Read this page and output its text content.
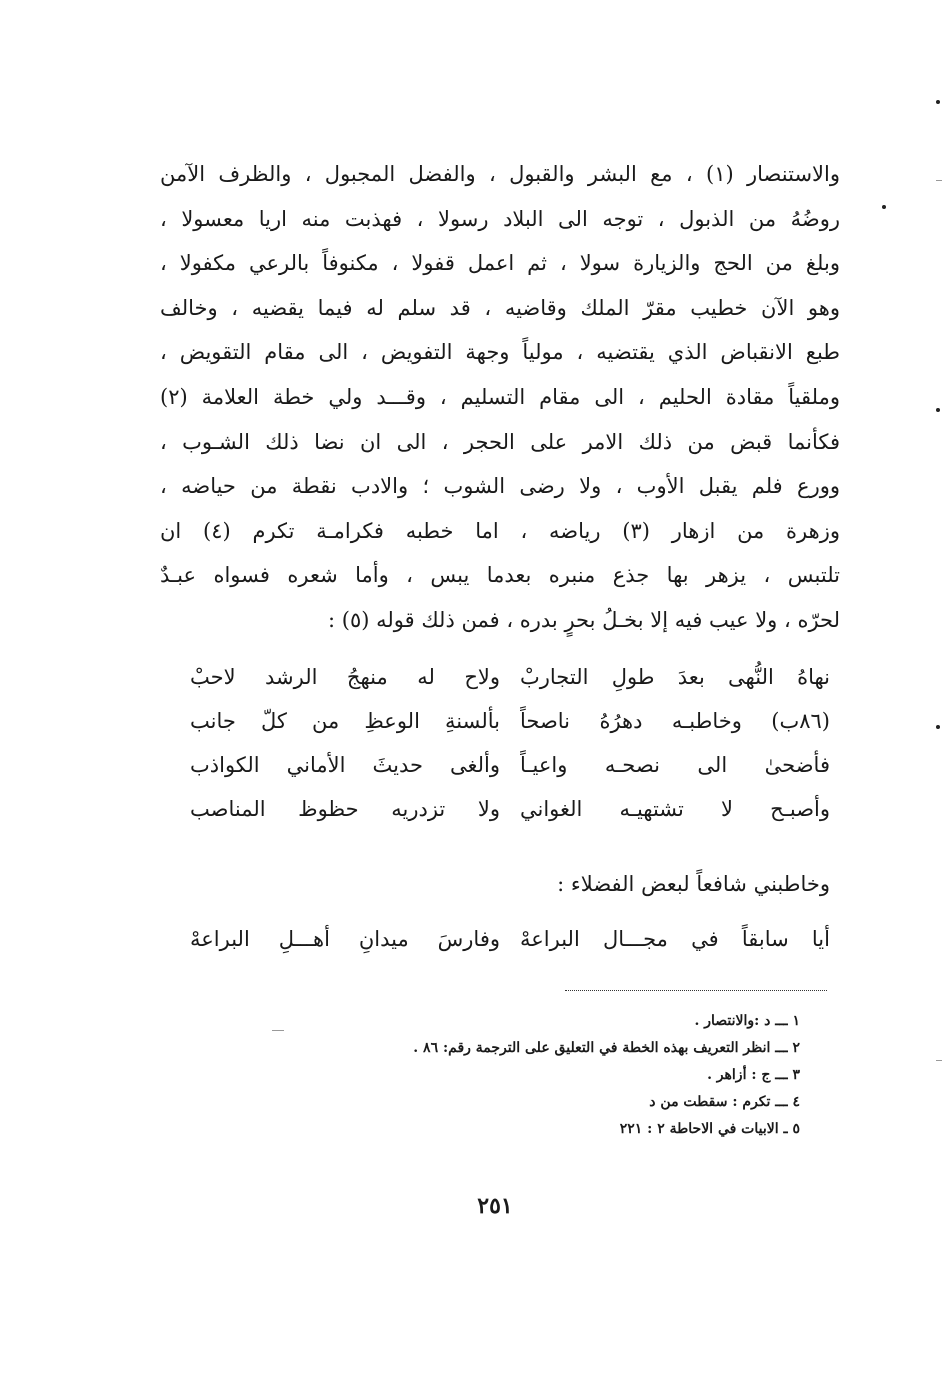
والاستنصار (١) ، مع البشر والقبول ، والفضل المجبول ، والظرف الآمن
روضُهُ من الذبول ، توجه الى البلاد رسولا ، فهذبت منه اريا معسولا ،
وبلغ من الحج والزيارة سولا ، ثم اعمل قفولا ، مكنوفاً بالرعي مكفولا ،
وهو الآن خطيب مقرّ الملك وقاضيه ، قد سلم له فيما يقضيه ، وخالف
طبع الانقباض الذي يقتضيه ، مولياً وجهة التفويض ، الى مقام التقويض ،
وملقياً مقادة الحليم ، الى مقام التسليم ، وقـــد ولي خطة العلامة (٢)
فكأنما قبض من ذلك الامر على الحجر ، الى ان نضا ذلك الشـوب ،
وورع فلم يقبل الأوب ، ولا رضى الشوب ؛ والادب نقطة من حياضه ،
وزهرة من ازهار (٣) رياضه ، اما خطبه فكرامـة تكرم (٤) ان
تلتبس ، يزهر بها جذع منبره بعدما يبس ، وأما شعره فسواه عبـدٌ
لحرّه ، ولا عيب فيه إلا بخـلُ بحرٍ بدره ، فمن ذلك قوله (٥) :
نهاهُ النُّهى بعدَ طولِ التجاربْ
ولاح له منهجُ الرشد لاحبْ
(٨٦ب) وخاطبـه دهرُهُ ناصحاً
بألسنةِ الوعظِ من كلّ جانب
فأضحىٰ الى نصحـه واعيـاً
وألغى حديثَ الأماني الكواذب
وأصبـح لا تشتهيـه الغواني
ولا تزدريه حظوظ المناصب
وخاطبني شافعاً لبعض الفضلاء :
أيا سابقاً في مجـــال البراعهْ
وفارسَ ميدانِ أهـــلِ البراعهْ
١ ـــ د :والانتصار .
٢ ـــ انظر التعريف بهذه الخطة في التعليق على الترجمة رقم: ٨٦ .
٣ ـــ ج : أزاهر .
٤ ـــ تكرم : سقطت من د
٥ ـ الابيات في الاحاطة ٢ : ٢٢١
٢٥١
